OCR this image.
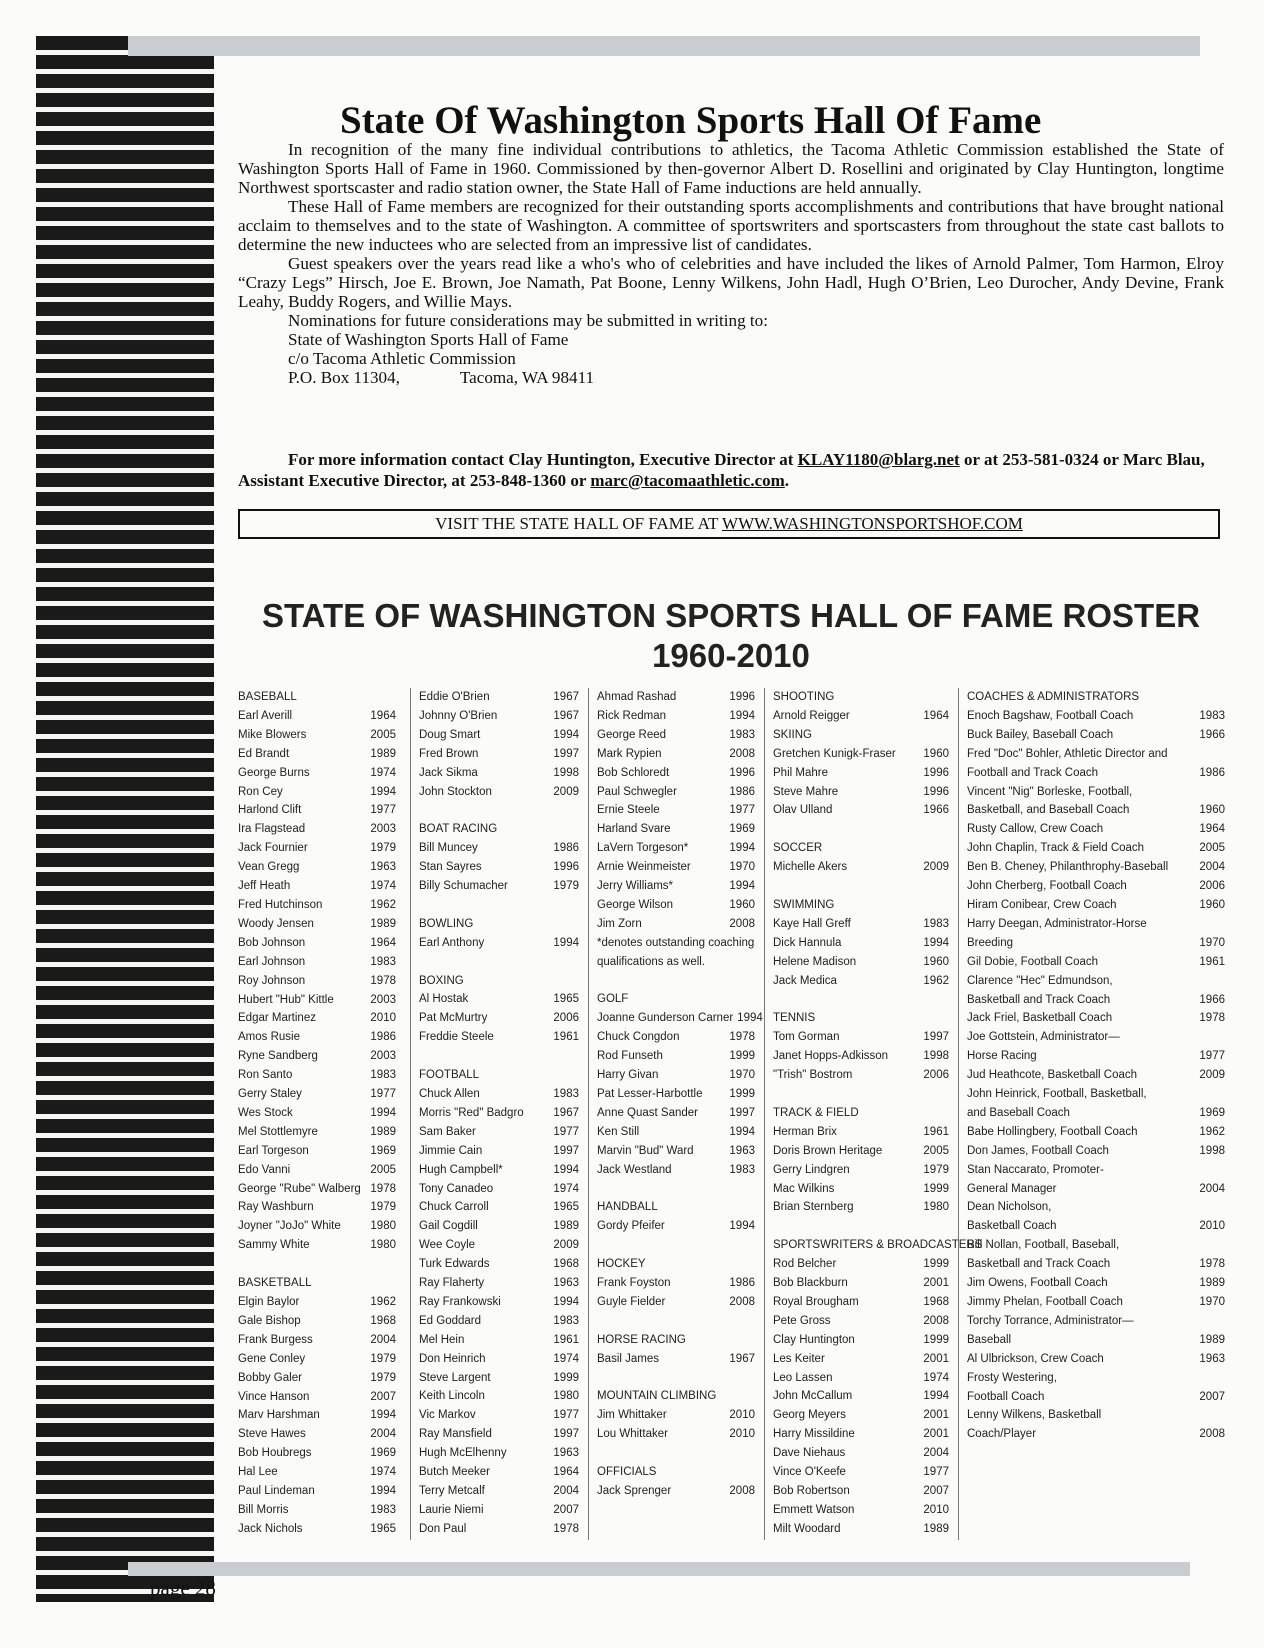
page 28
State Of Washington Sports Hall Of Fame

In recognition of the many fine individual contributions to athletics, the Tacoma Athletic Commission established the State of Washington Sports Hall of Fame in 1960. Commissioned by then-governor Albert D. Rosellini and originated by Clay Huntington, longtime Northwest sportscaster and radio station owner, the State Hall of Fame inductions are held annually.

These Hall of Fame members are recognized for their outstanding sports accomplishments and contributions that have brought national acclaim to themselves and to the state of Washington. A committee of sportswriters and sportscasters from throughout the state cast ballots to determine the new inductees who are selected from an impressive list of candidates.

Guest speakers over the years read like a who's who of celebrities and have included the likes of Arnold Palmer, Tom Harmon, Elroy “Crazy Legs” Hirsch, Joe E. Brown, Joe Namath, Pat Boone, Lenny Wilkens, John Hadl, Hugh O’Brien, Leo Durocher, Andy Devine, Frank Leahy, Buddy Rogers, and Willie Mays.

Nominations for future considerations may be submitted in writing to:

State of Washington Sports Hall of Fame
c/o Tacoma Athletic Commission
P.O. Box 11304,	Tacoma, WA 98411

For more information contact Clay Huntington, Executive Director at KLAY1180@blarg.net or at 253-581-0324 or Marc Blau, Assistant Executive Director, at 253-848-1360 or marc@tacomaathletic.com.

VISIT THE STATE HALL OF FAME AT WWW.WASHINGTONSPORTSHOF.COM
STATE OF WASHINGTON SPORTS HALL OF FAME ROSTER
1960-2010
BASEBALL
Earl Averill	1964
Mike Blowers	2005
Ed Brandt	1989
George Burns	1974
Ron Cey	1994
Harlond Clift	1977
Ira Flagstead	2003
Jack Fournier	1979
Vean Gregg	1963
Jeff Heath	1974
Fred Hutchinson	1962
Woody Jensen	1989
Bob Johnson	1964
Earl Johnson	1983
Roy Johnson	1978
Hubert "Hub" Kittle	2003
Edgar Martinez	2010
Amos Rusie	1986
Ryne Sandberg	2003
Ron Santo	1983
Gerry Staley	1977
Wes Stock	1994
Mel Stottlemyre	1989
Earl Torgeson	1969
Edo Vanni	2005
George "Rube" Walberg 1978
Ray Washburn	1979
Joyner "JoJo" White	1980
Sammy White	1980
BASKETBALL
Elgin Baylor	1962
Gale Bishop	1968
Frank Burgess	2004
Gene Conley	1979
Bobby Galer	1979
Vince Hanson	2007
Marv Harshman	1994
Steve Hawes	2004
Bob Houbregs	1969
Hal Lee	1974
Paul Lindeman	1994
Bill Morris	1983
Jack Nichols	1965
Eddie O'Brien	1967
Johnny O'Brien	1967
Doug Smart	1994
Fred Brown	1997
Jack Sikma	1998
John Stockton	2009
BOAT RACING
Bill Muncey	1986
Stan Sayres	1996
Billy Schumacher	1979
BOWLING
Earl Anthony	1994
BOXING
Al Hostak	1965
Pat McMurtry	2006
Freddie Steele	1961
FOOTBALL
Chuck Allen	1983
Morris "Red" Badgro	1967
Sam Baker	1977
Jimmie Cain	1997
Hugh Campbell*	1994
Tony Canadeo	1974
Chuck Carroll	1965
Gail Cogdill	1989
Wee Coyle	2009
Turk Edwards	1968
Ray Flaherty	1963
Ray Frankowski	1994
Ed Goddard	1983
Mel Hein	1961
Don Heinrich	1974
Steve Largent	1999
Keith Lincoln	1980
Vic Markov	1977
Ray Mansfield	1997
Hugh McElhenny	1963
Butch Meeker	1964
Terry Metcalf	2004
Laurie Niemi	2007
Don Paul	1978
Ahmad Rashad	1996
Rick Redman	1994
George Reed	1983
Mark Rypien	2008
Bob Schloredt	1996
Paul Schwegler	1986
Ernie Steele	1977
Harland Svare	1969
LaVern Torgeson*	1994
Arnie Weinmeister	1970
Jerry Williams*	1994
George Wilson	1960
Jim Zorn	2008
*denotes outstanding coaching
qualifications as well.
GOLF
Joanne Gunderson Carner 1994
Chuck Congdon	1978
Rod Funseth	1999
Harry Givan	1970
Pat Lesser-Harbottle	1999
Anne Quast Sander	1997
Ken Still	1994
Marvin "Bud" Ward	1963
Jack Westland	1983
HANDBALL
Gordy Pfeifer	1994
HOCKEY
Frank Foyston	1986
Guyle Fielder	2008
HORSE RACING
Basil James	1967
MOUNTAIN CLIMBING
Jim Whittaker	2010
Lou Whittaker	2010
OFFICIALS
Jack Sprenger	2008
SHOOTING
Arnold Reigger	1964
SKIING
Gretchen Kunigk-Fraser	1960
Phil Mahre	1996
Steve Mahre	1996
Olav Ulland	1966
SOCCER
Michelle Akers	2009
SWIMMING
Kaye Hall Greff	1983
Dick Hannula	1994
Helene Madison	1960
Jack Medica	1962
TENNIS
Tom Gorman	1997
Janet Hopps-Adkisson	1998
"Trish" Bostrom	2006
TRACK & FIELD
Herman Brix	1961
Doris Brown Heritage	2005
Gerry Lindgren	1979
Mac Wilkins	1999
Brian Sternberg	1980
SPORTSWRITERS & BROADCASTERS
Rod Belcher	1999
Bob Blackburn	2001
Royal Brougham	1968
Pete Gross	2008
Clay Huntington	1999
Les Keiter	2001
Leo Lassen	1974
John McCallum	1994
Georg Meyers	2001
Harry Missildine	2001
Dave Niehaus	2004
Vince O'Keefe	1977
Bob Robertson	2007
Emmett Watson	2010
Milt Woodard	1989
COACHES & ADMINISTRATORS
Enoch Bagshaw, Football Coach	1983
Buck Bailey, Baseball Coach	1966
Fred "Doc" Bohler, Athletic Director and
Football and Track Coach	1986
Vincent "Nig" Borleske, Football,
Basketball, and Baseball Coach	1960
Rusty Callow, Crew Coach	1964
John Chaplin, Track & Field Coach	2005
Ben B. Cheney, Philanthrophy-Baseball	2004
John Cherberg, Football Coach	2006
Hiram Conibear, Crew Coach	1960
Harry Deegan, Administrator-Horse
Breeding	1970
Gil Dobie, Football Coach	1961
Clarence "Hec" Edmundson,
Basketball and Track Coach	1966
Jack Friel, Basketball Coach	1978
Joe Gottstein, Administrator—
Horse Racing	1977
Jud Heathcote, Basketball Coach	2009
John Heinrick, Football, Basketball,
and Baseball Coach	1969
Babe Hollingbery, Football Coach	1962
Don James, Football Coach	1998
Stan Naccarato, Promoter-
General Manager	2004
Dean Nicholson,
Basketball Coach	2010
Bill Nollan, Football, Baseball,
Basketball and Track Coach	1978
Jim Owens, Football Coach	1989
Jimmy Phelan, Football Coach	1970
Torchy Torrance, Administrator—
Baseball	1989
Al Ulbrickson, Crew Coach	1963
Frosty Westering,
Football Coach	2007
Lenny Wilkens, Basketball
Coach/Player	2008
